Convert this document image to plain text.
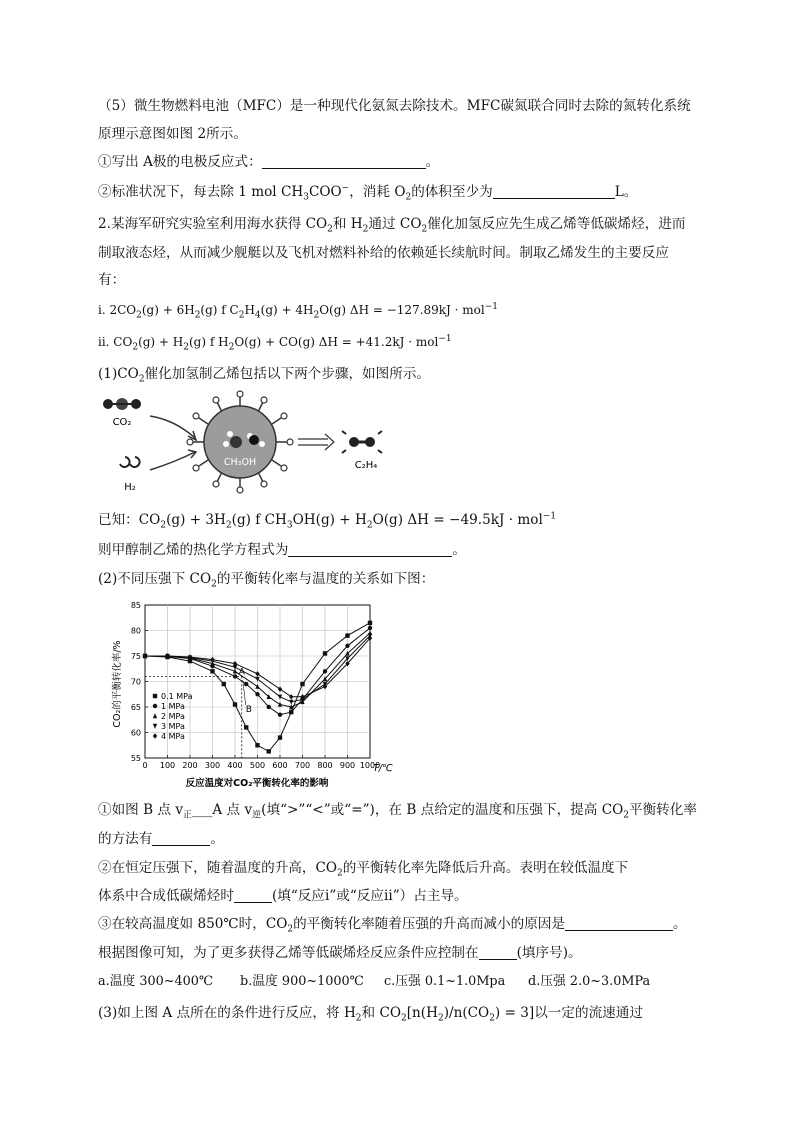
（5）微生物燃料电池（MFC）是一种现代化氨氮去除技术。MFC碳氮联合同时去除的氮转化系统
原理示意图如图 2所示。
①写出 A极的电极反应式：	。
②标准状况下，每去除 1 mol $CH_3COO^-$，消耗 $O_2$的体积至少为	L。
2.某海军研究实验室利用海水获得 $CO_2$和 $H_2$通过 $CO_2$催化加氢反应先生成乙烯等低碳烯烃，进而
制取液态烃，从而减少舰艇以及飞机对燃料补给的依赖延长续航时间。制取乙烯发生的主要反应
有：
ⅰ. $2CO_2(g) + 6H_2(g)$ f $C_2H_4(g) + 4H_2O(g) \Delta H = -127.89kJ \cdot mol^{-1}$
ⅱ. $CO_2(g) + H_2(g)$ f $H_2O(g) + CO(g) \Delta H = +41.2kJ \cdot mol^{-1}$
$(1)CO_2$催化加氢制乙烯包括以下两个步骤，如图所示。
CO₂
H₂
CH₃OH	C₂H₄
已知：$CO_2(g) + 3H_2(g)$ f $CH_3OH(g) + H_2O(g) \Delta H = -49.5kJ \cdot mol^{-1}$
则甲醇制乙烯的热化学方程式为	。
(2)不同压强下 $CO_2$的平衡转化率与温度的关系如下图：
0 100 200 300 400 500 600 700 800 900 1000
55
60
65
70
75
80
85
A
B
0.1 MPa
1 MPa
2 MPa
3 MPa
4 MPa
CO₂的平衡转化率/%
T/℃
反应温度对CO₂平衡转化率的影响
①如图 B 点 $v_正\_\_\_A$ 点 $v_逆$(填“>”“<”或“=”)，在 B 点给定的温度和压强下，提高 $CO_2$平衡转化率
的方法有	。
②在恒定压强下，随着温度的升高，$CO_2$的平衡转化率先降低后升高。表明在较低温度下
体系中合成低碳烯烃时	(填“反应ⅰ”或“反应ⅱ”）占主导。
③在较高温度如 850℃时，$CO_2$的平衡转化率随着压强的升高而减小的原因是	。
根据图像可知，为了更多获得乙烯等低碳烯烃反应条件应控制在	(填序号)。
a.温度 300~400℃ b.温度 900~1000℃ c.压强 0.1~1.0Mpa d.压强 2.0~3.0MPa
(3)如上图 A 点所在的条件进行反应，将 $H_2$和 $CO_2[n(H_2)/n(CO_2) = 3]$以一定的流速通过
